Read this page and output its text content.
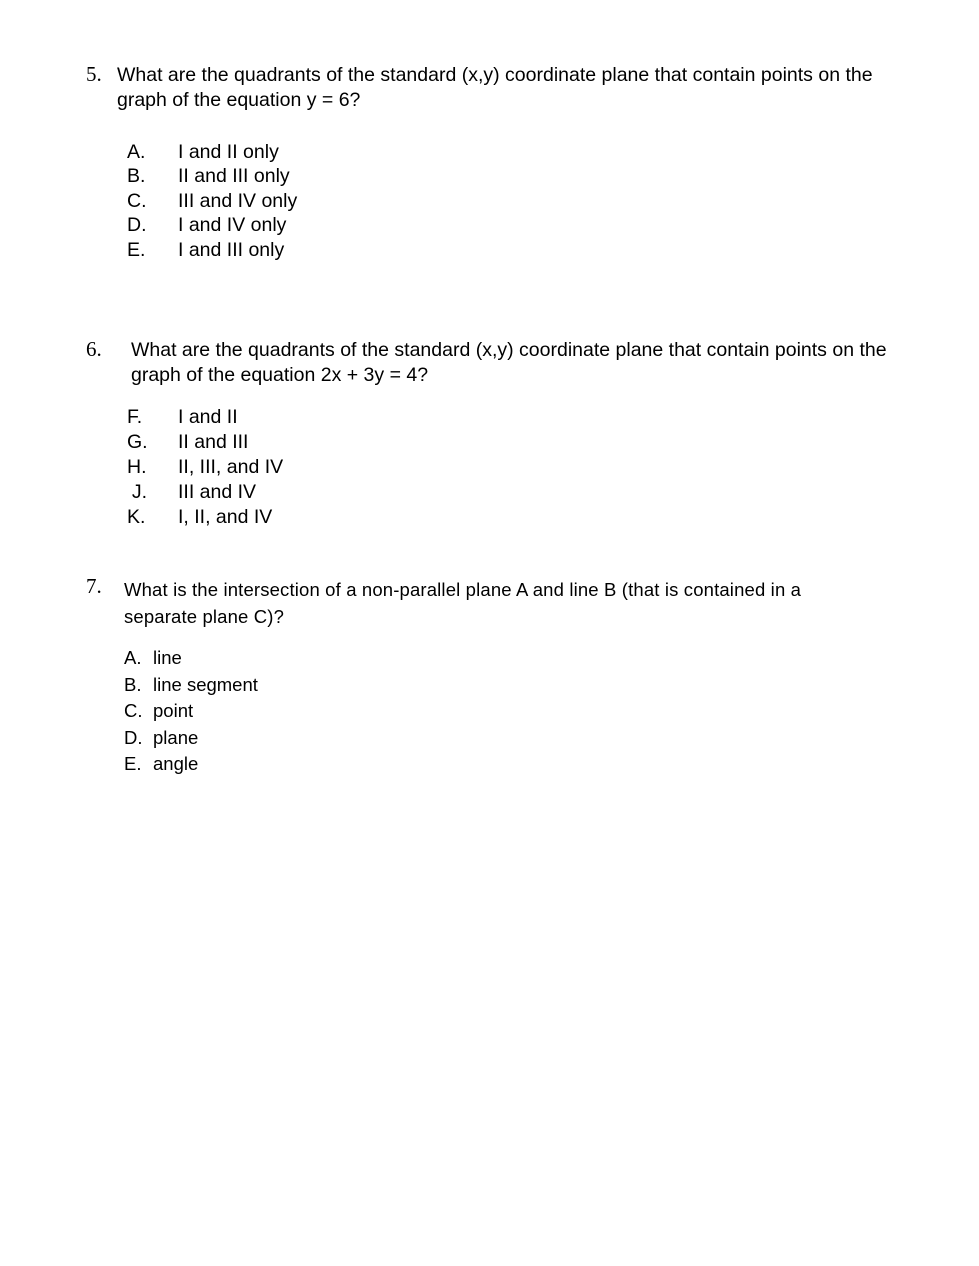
5. What are the quadrants of the standard (x,y) coordinate plane that contain points on the graph of the equation y = 6?
A. I and II only
B. II and III only
C. III and IV only
D. I and IV only
E. I and III only
6. What are the quadrants of the standard (x,y) coordinate plane that contain points on the graph of the equation 2x + 3y = 4?
F. I and II
G. II and III
H. II, III, and IV
J. III and IV
K. I, II, and IV
7. What is the intersection of a non-parallel plane A and line B (that is contained in a separate plane C)?
A. line
B. line segment
C. point
D. plane
E. angle
